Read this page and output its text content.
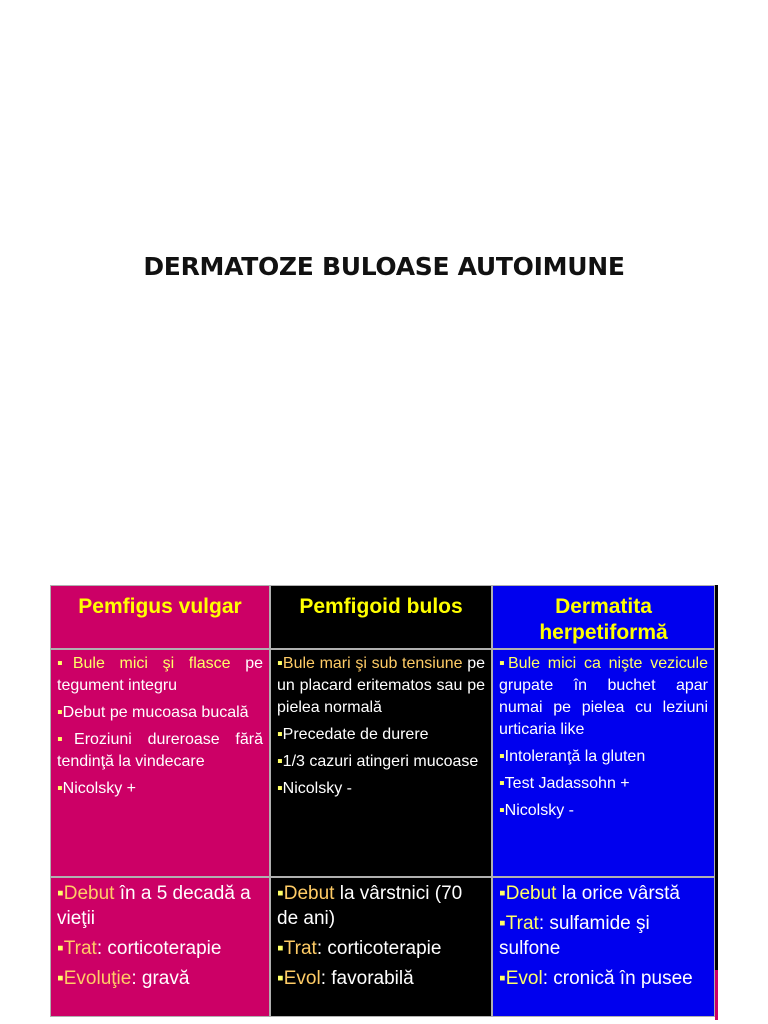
DERMATOZE BULOASE AUTOIMUNE
Pemfigus vulgar	Pemfigoid bulos	Dermatita
herpetiformă

▪ Bule mici şi flasce pe tegument integru

▪ Debut pe mucoasa bucală

▪ Eroziuni dureroase fără tendinţă la vindecare

▪ Nicolsky +

▪ Bule mari şi sub tensiune pe un placard eritematos sau pe pielea normală

▪ Precedate de durere

▪ 1/3 cazuri atingeri mucoase

▪ Nicolsky -

▪ Bule mici ca nişte vezicule grupate în buchet apar numai pe pielea cu leziuni urticaria like

▪ Intoleranţă la gluten

▪ Test Jadassohn +

▪ Nicolsky -

▪ Debut în a 5 decadă a vieţii

▪ Trat: corticoterapie

▪ Evoluţie: gravă

▪ Debut la vârstnici (70 de ani)

▪ Trat: corticoterapie

▪ Evol: favorabilă

▪ Debut la orice vârstă

▪ Trat: sulfamide şi sulfone

▪ Evol: cronică în pusee
